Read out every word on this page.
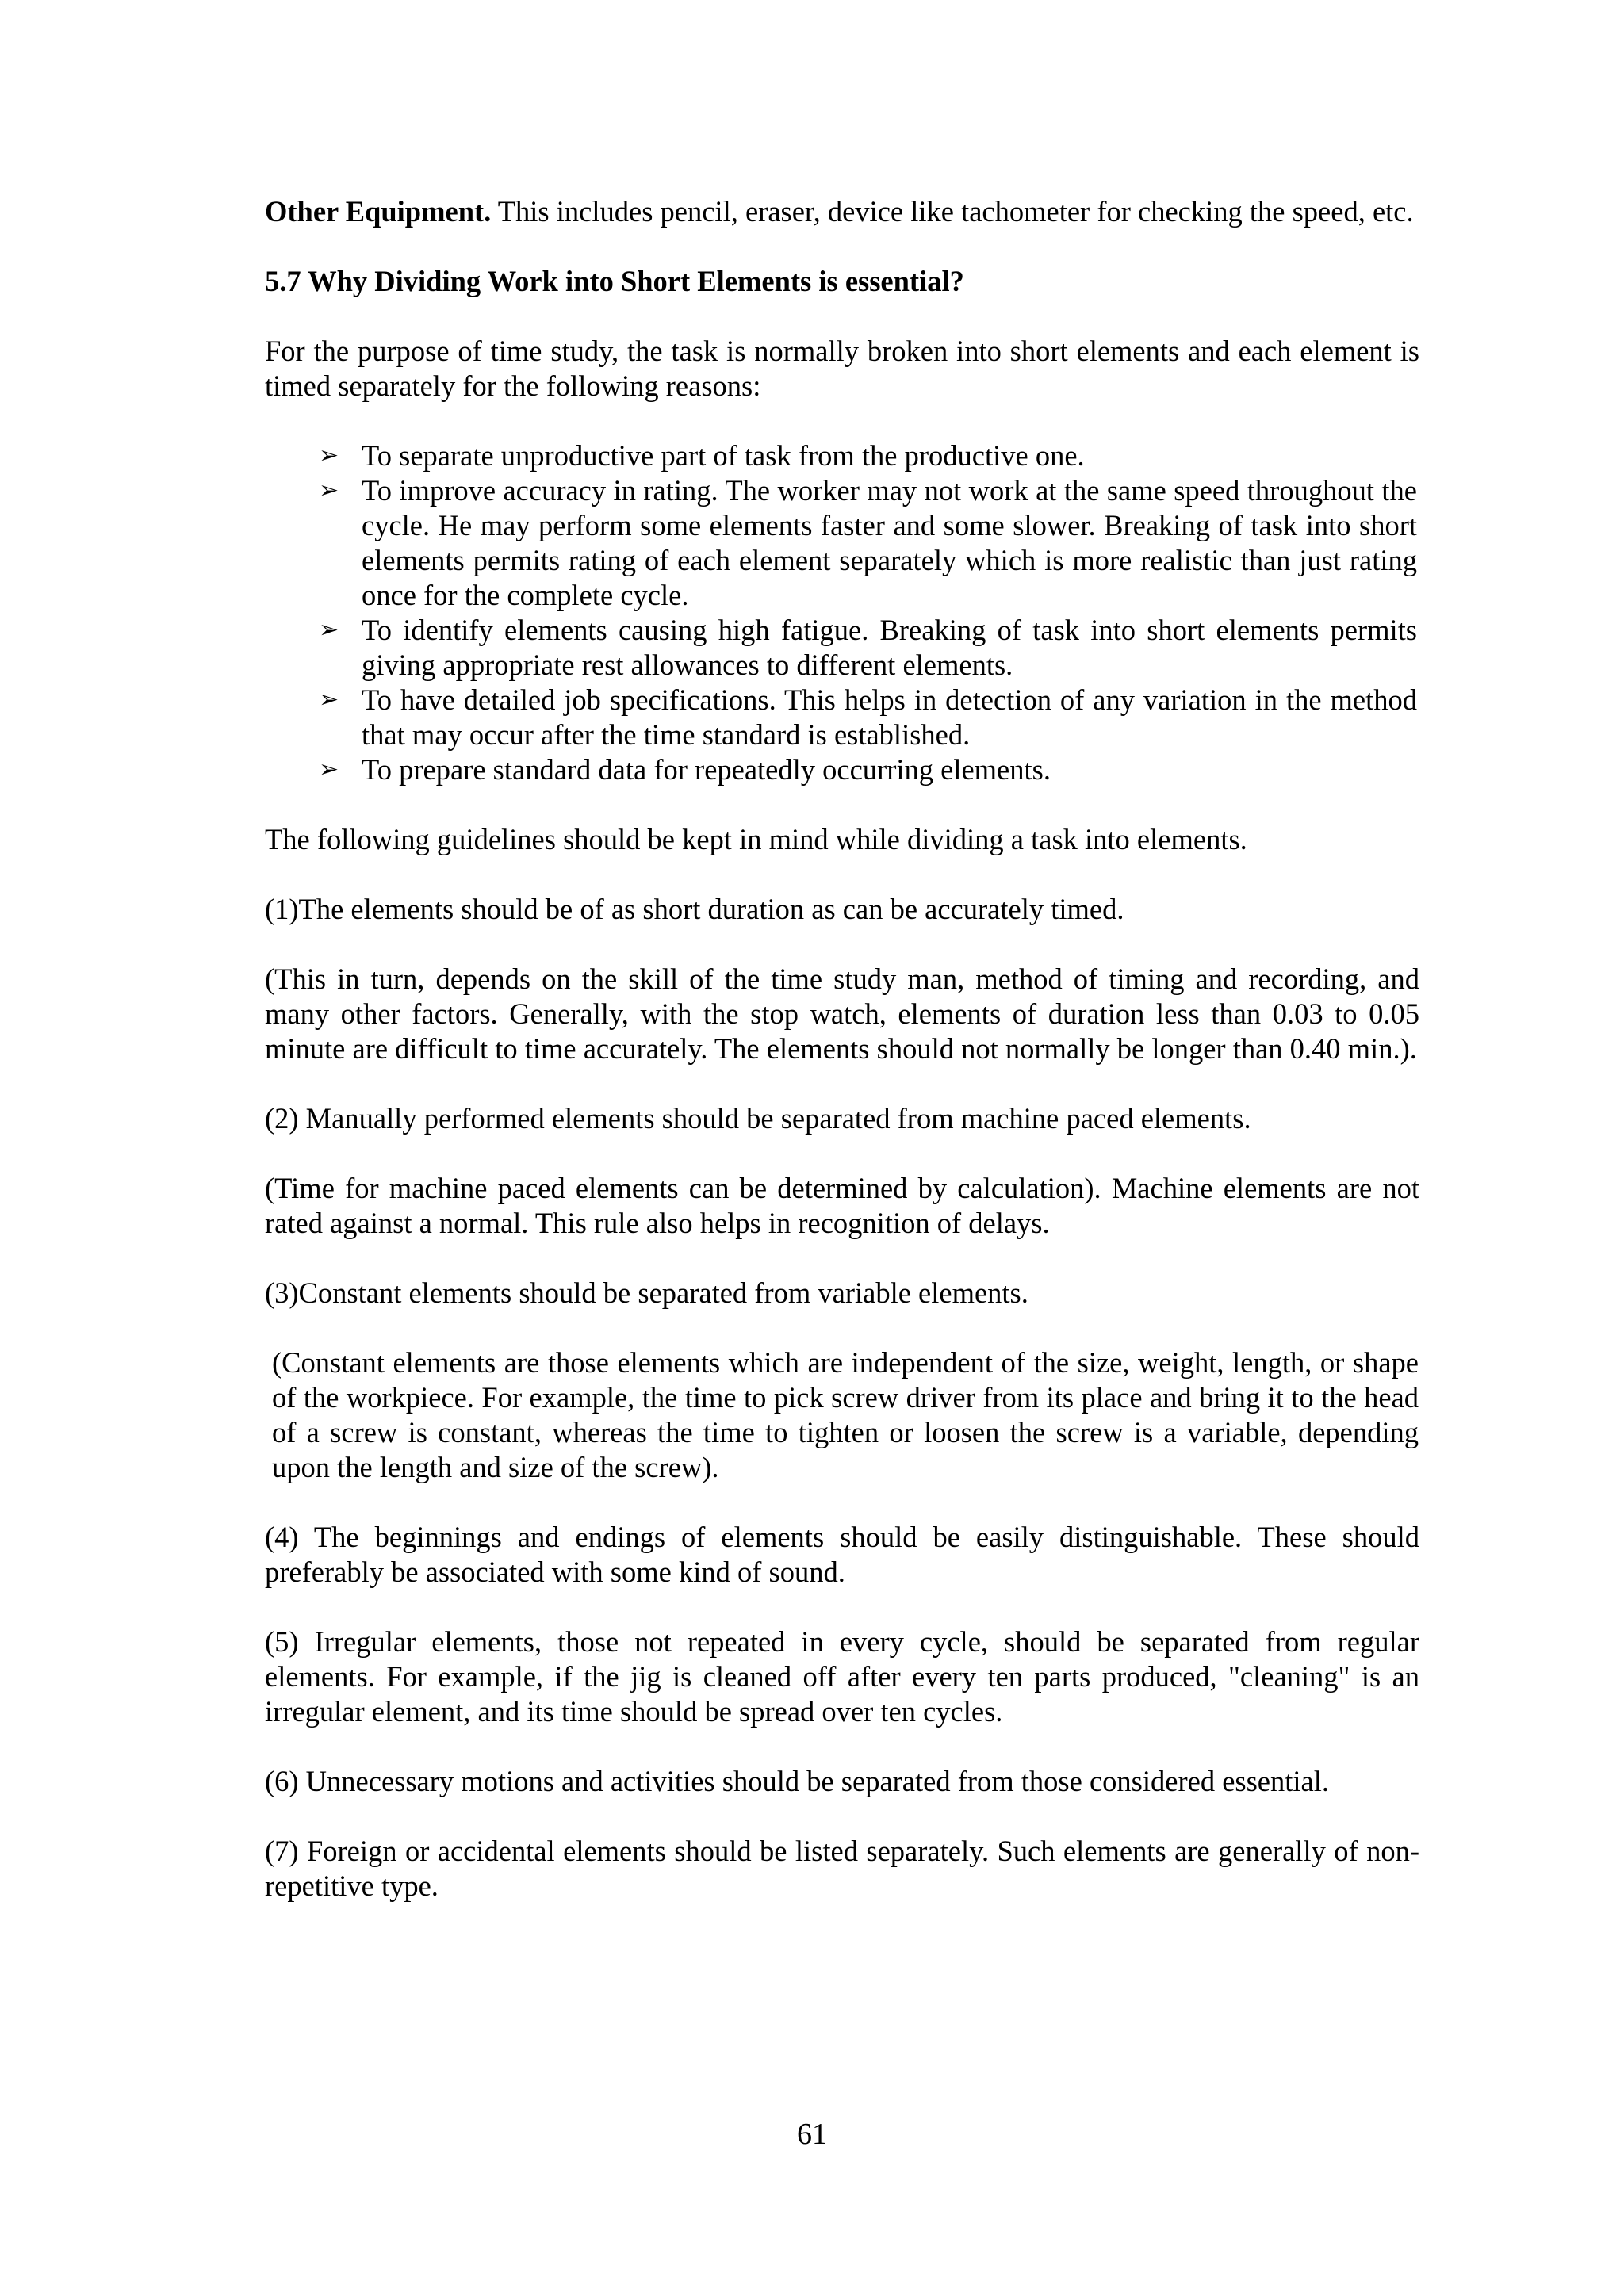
Other Equipment. This includes pencil, eraser, device like tachometer for checking the speed, etc.

5.7 Why Dividing Work into Short Elements is essential?

For the purpose of time study, the task is normally broken into short elements and each element is timed separately for the following reasons:

➢ To separate unproductive part of task from the productive one.
➢ To improve accuracy in rating. The worker may not work at the same speed throughout the cycle. He may perform some elements faster and some slower. Breaking of task into short elements permits rating of each element separately which is more realistic than just rating once for the complete cycle.
➢ To identify elements causing high fatigue. Breaking of task into short elements permits giving appropriate rest allowances to different elements.
➢ To have detailed job specifications. This helps in detection of any variation in the method that may occur after the time standard is established.
➢ To prepare standard data for repeatedly occurring elements.

The following guidelines should be kept in mind while dividing a task into elements.

(1)The elements should be of as short duration as can be accurately timed.

(This in turn, depends on the skill of the time study man, method of timing and recording, and many other factors. Generally, with the stop watch, elements of duration less than 0.03 to 0.05 minute are difficult to time accurately. The elements should not normally be longer than 0.40 min.).

(2) Manually performed elements should be separated from machine paced elements.

(Time for machine paced elements can be determined by calculation). Machine elements are not rated against a normal. This rule also helps in recognition of delays.

(3)Constant elements should be separated from variable elements.

(Constant elements are those elements which are independent of the size, weight, length, or shape of the workpiece. For example, the time to pick screw driver from its place and bring it to the head of a screw is constant, whereas the time to tighten or loosen the screw is a variable, depending upon the length and size of the screw).

(4) The beginnings and endings of elements should be easily distinguishable. These should preferably be associated with some kind of sound.

(5) Irregular elements, those not repeated in every cycle, should be separated from regular elements. For example, if the jig is cleaned off after every ten parts produced, "cleaning" is an irregular element, and its time should be spread over ten cycles.

(6) Unnecessary motions and activities should be separated from those considered essential.

(7) Foreign or accidental elements should be listed separately. Such elements are generally of non-repetitive type.

61
